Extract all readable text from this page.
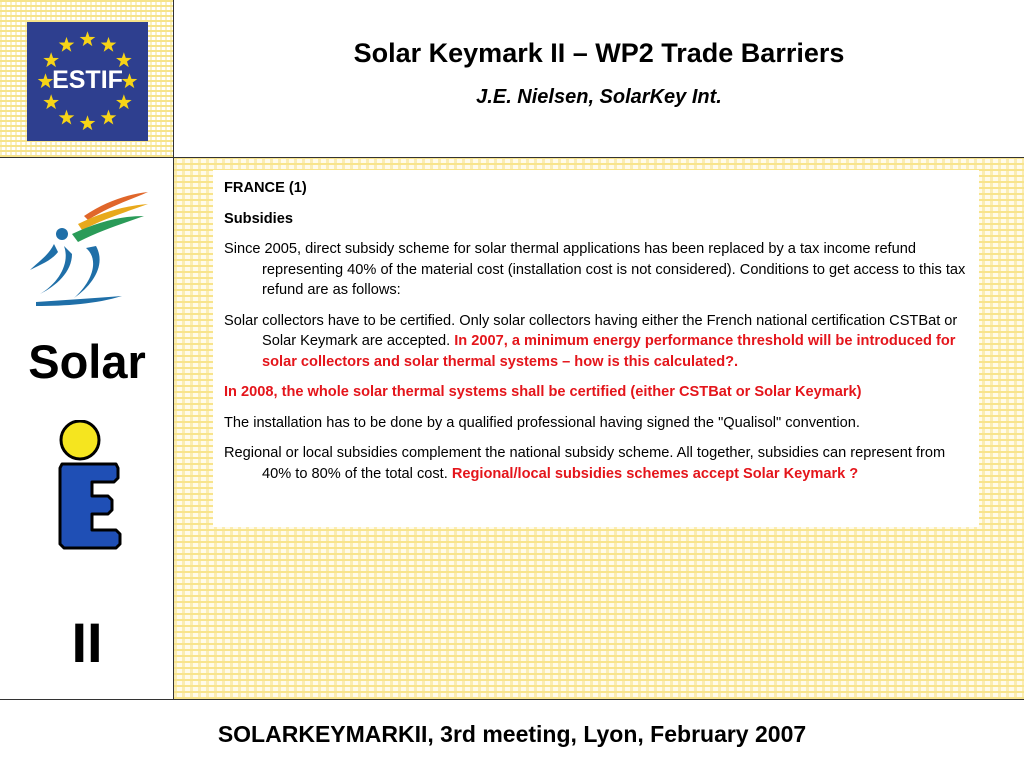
ESTIF
Solar Keymark II – WP2 Trade Barriers
J.E. Nielsen, SolarKey Int.
Solar
II
FRANCE (1)
Subsidies
Since 2005, direct subsidy scheme for solar thermal applications has been replaced by a tax income refund representing 40% of the material cost (installation cost is not considered). Conditions to get access to this tax refund are as follows:
Solar collectors have to be certified. Only solar collectors having either the French national certification CSTBat or Solar Keymark are accepted. In 2007, a minimum energy performance threshold will be introduced for solar collectors and solar thermal systems – how is this calculated?.
In 2008, the whole solar thermal systems shall be certified (either CSTBat or Solar Keymark)
The installation has to be done by a qualified professional having signed the "Qualisol" convention.
Regional or local subsidies complement the national subsidy scheme. All together, subsidies can represent from 40% to 80% of the total cost. Regional/local subsidies schemes accept Solar Keymark ?
SOLARKEYMARKII, 3rd meeting, Lyon, February 2007
